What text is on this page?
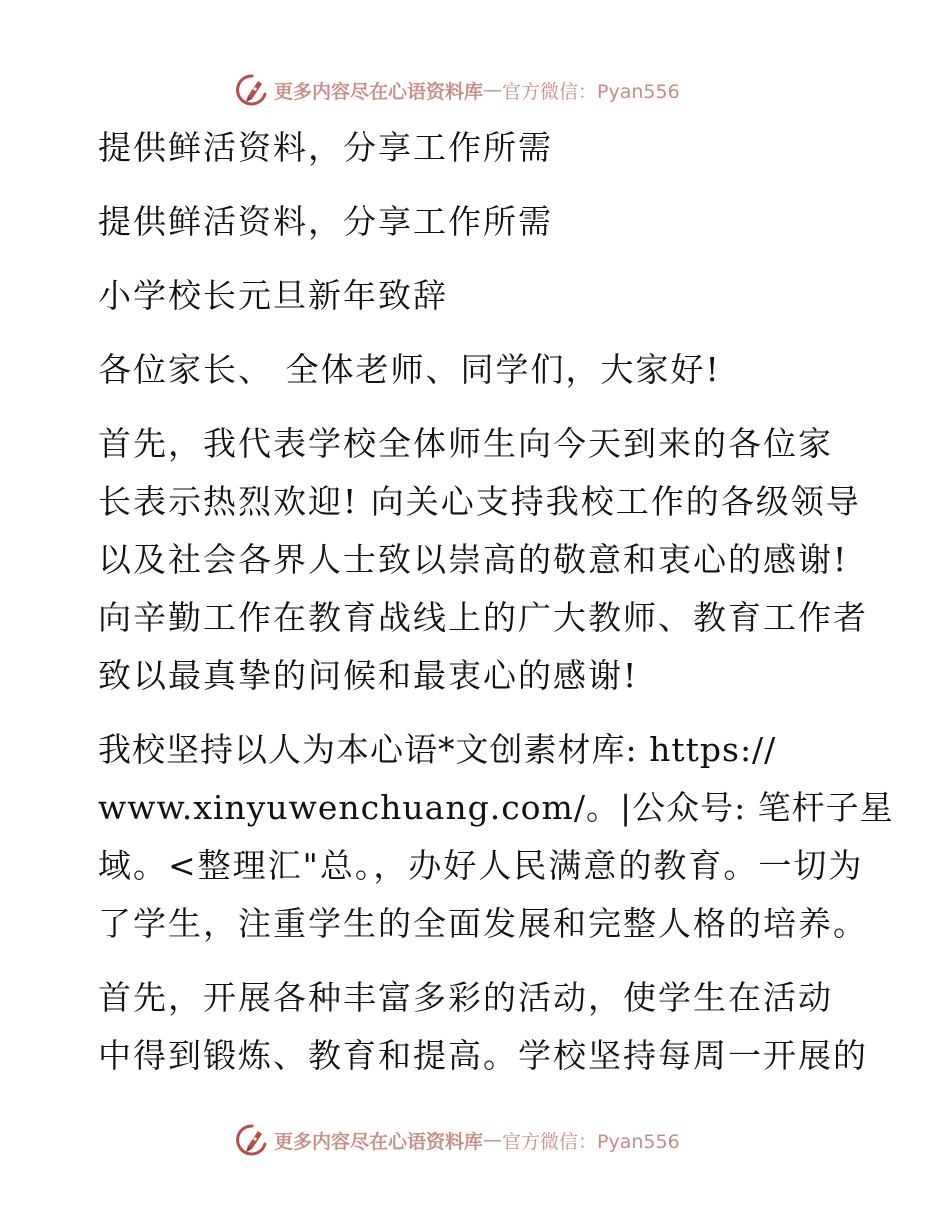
更多内容尽在心语资料库 — 官方微信：Pyan556
提供鲜活资料，分享工作所需
提供鲜活资料，分享工作所需
小学校长元旦新年致辞
各位家长、 全体老师、同学们，大家好!
首先，我代表学校全体师生向今天到来的各位家
长表示热烈欢迎! 向关心支持我校工作的各级领导
以及社会各界人士致以崇高的敬意和衷心的感谢!
向辛勤工作在教育战线上的广大教师、教育工作者
致以最真挚的问候和最衷心的感谢!
我校坚持以人为本心语*文创素材库: https://
www.xinyuwenchuang.com/。|公众号: 笔杆子星
域。<整理汇"总。，办好人民满意的教育。一切为
了学生，注重学生的全面发展和完整人格的培养。
首先，开展各种丰富多彩的活动，使学生在活动
中得到锻炼、教育和提高。学校坚持每周一开展的
更多内容尽在心语资料库 — 官方微信：Pyan556
